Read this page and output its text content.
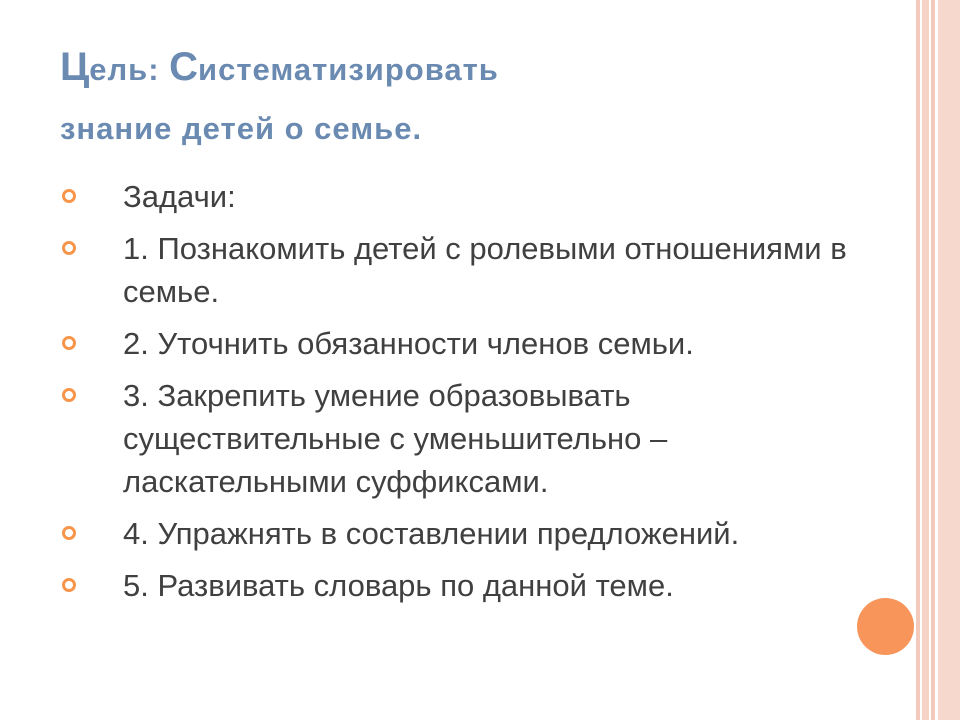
Цель: Систематизировать
знание детей о семье.
Задачи:
1. Познакомить детей с ролевыми отношениями в семье.
2. Уточнить обязанности членов семьи.
3. Закрепить умение образовывать существительные с уменьшительно – ласкательными суффиксами.
4. Упражнять в составлении предложений.
5. Развивать словарь по данной теме.
